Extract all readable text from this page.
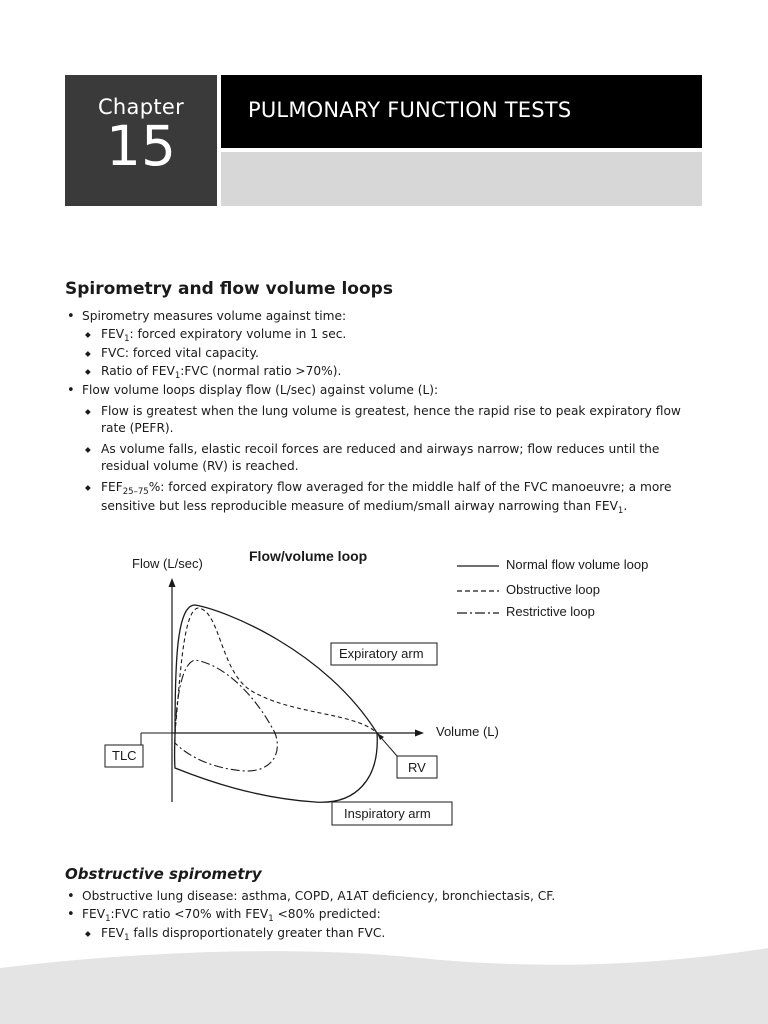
Chapter
15
PULMONARY FUNCTION TESTS
Spirometry and flow volume loops
• Spirometry measures volume against time:
◆ $FEV_1$: forced expiratory volume in 1 sec.
◆ FVC: forced vital capacity.
◆ Ratio of $FEV_1:FVC$ (normal ratio >70%).
• Flow volume loops display flow (L/sec) against volume (L):
◆ Flow is greatest when the lung volume is greatest, hence the rapid rise to peak expiratory flow rate (PEFR).
◆ As volume falls, elastic recoil forces are reduced and airways narrow; flow reduces until the residual volume (RV) is reached.
◆ $FEF_{25-75}\%$: forced expiratory flow averaged for the middle half of the FVC manoeuvre; a more sensitive but less reproducible measure of medium/small airway narrowing than $FEV_1$.
Flow/volume loop
Flow (L/sec)
Volume (L)
Normal flow volume loop
Obstructive loop
Restrictive loop
Expiratory arm
Inspiratory arm
TLC
RV
Obstructive spirometry
• Obstructive lung disease: asthma, COPD, A1AT deficiency, bronchiectasis, CF.
• $FEV_1:FVC$ ratio <70% with $FEV_1 <80\%$ predicted:
◆ $FEV_1$ falls disproportionately greater than FVC.
